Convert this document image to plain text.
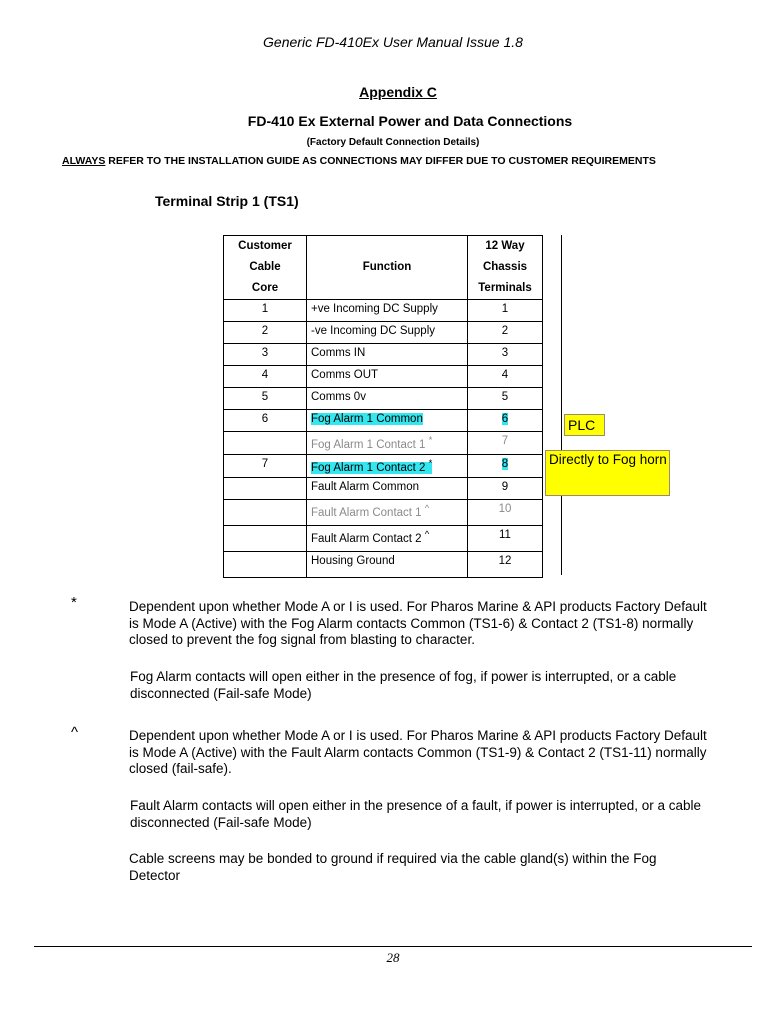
Generic FD-410Ex User Manual Issue 1.8
Appendix C
FD-410 Ex External Power and Data Connections
(Factory Default Connection Details)
ALWAYS REFER TO THE INSTALLATION GUIDE AS CONNECTIONS MAY DIFFER DUE TO CUSTOMER REQUIREMENTS
Terminal Strip 1 (TS1)
Customer
Cable
Core	Function	12 Way
Chassis
Terminals
1	+ve Incoming DC Supply	1
2	-ve Incoming DC Supply	2
3	Comms IN	3
4	Comms OUT	4
5	Comms 0v	5
6	Fog Alarm 1 Common	6
	Fog Alarm 1 Contact 1 *	7
7	Fog Alarm 1 Contact 2 *	8
	Fault Alarm Common	9
	Fault Alarm Contact 1 ^	10
	Fault Alarm Contact 2 ^	11
	Housing Ground	12
PLC
Directly to Fog horn
*	Dependent upon whether Mode A or I is used. For Pharos Marine & API products Factory Default is Mode A (Active) with the Fog Alarm contacts Common (TS1-6) & Contact 2 (TS1-8) normally closed to prevent the fog signal from blasting to character.
Fog Alarm contacts will open either in the presence of fog, if power is interrupted, or a cable disconnected (Fail-safe Mode)
^	Dependent upon whether Mode A or I is used. For Pharos Marine & API products Factory Default is Mode A (Active) with the Fault Alarm contacts Common (TS1-9) & Contact 2 (TS1-11) normally closed (fail-safe).
Fault Alarm contacts will open either in the presence of a fault, if power is interrupted, or a cable disconnected (Fail-safe Mode)
Cable screens may be bonded to ground if required via the cable gland(s) within the Fog Detector
28
